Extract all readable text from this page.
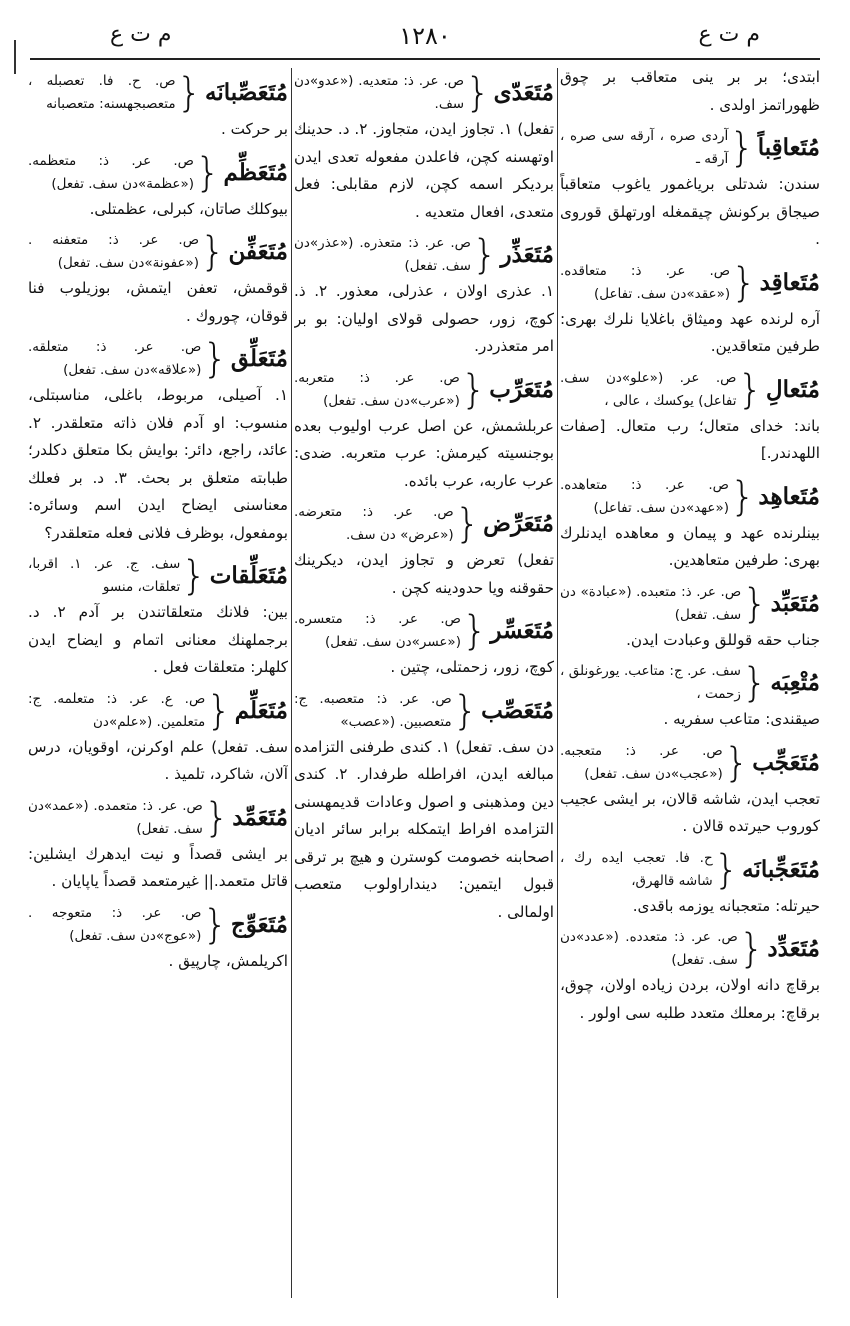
م ت ع	١٢٨٠	م ت ع

ابتدى؛ بر بر ينى متعاقب بر چوق ظهوراتمز اولدى .

مُتَعاقِباً
{
آردى صره ، آرقه سى صره ، آرقه ـ

سندن: شدتلى برياغمور ياغوب متعاقباً صيجاق بركونش چيقمغله اورتهلق قوروى .

مُتَعاقِد
{
ص. عر. ذ: متعاقده. («عقد»دن سف. تفاعل)

آره لرنده عهد وميثاق باغلايا نلرك بهرى: طرفين متعاقدين.

مُتَعالِ
{
ص. عر. («علو»دن سف. تفاعل) يوكسك ، عالى ،

باند: خداى متعال؛ رب متعال. [صفات اللهدندر.]

مُتَعاهِد
{
ص. عر. ذ: متعاهده. («عهد»دن سف. تفاعل)

بينلرنده عهد و پيمان و معاهده ايدنلرك بهرى: طرفين متعاهدين.

مُتَعَبِّد
{
ص. عر. ذ: متعبده. («عبادة» دن سف. تفعل)

جناب حقه قوللق وعبادت ايدن.

مُتْعِبَه
{
سف. عر. ج: متاعب. يورغونلق ، زحمت ،

صيقندى: متاعب سفريه .

مُتَعَجِّب
{
ص. عر. ذ: متعجبه. («عجب»دن سف. تفعل)

تعجب ايدن، شاشه قالان، بر ايشى عجيب كوروب حيرتده قالان .

مُتَعَجِّبانَه
{
ح. فا. تعجب ايده رك ، شاشه قالهرق،

حيرتله: متعجبانه يوزمه باقدى.

مُتَعَدِّد
{
ص. عر. ذ: متعدده. («عدد»دن سف. تفعل)

برقاچ دانه اولان، بردن زياده اولان، چوق، برقاچ: برمعلك متعدد طلبه سى اولور .

مُتَعَدّى
{
ص. عر. ذ: متعديه. («عدو»دن سف.

تفعل) ١. تجاوز ايدن، متجاوز. ٢. د. حدينك اوتهسنه كچن، فاعلدن مفعوله تعدى ايدن برديكر اسمه كچن، لازم مقابلى: فعل متعدى، افعال متعديه .

مُتَعَذِّر
{
ص. عر. ذ: متعذره. («عذر»دن سف. تفعل)

١. عذرى اولان ، عذرلى، معذور. ٢. ذ. كوچ، زور، حصولى قولاى اوليان: بو بر امر متعذردر.

مُتَعَرِّب
{
ص. عر. ذ: متعربه. («عرب»دن سف. تفعل)

عربلشمش، عن اصل عرب اوليوب بعده بوجنسيته كيرمش: عرب متعربه. ضدى: عرب عاربه، عرب بائده.

مُتَعَرِّض
{
ص. عر. ذ: متعرضه. («عرض» دن سف.

تفعل) تعرض و تجاوز ايدن، ديكرينك حقوقنه ويا حدودينه كچن .

مُتَعَسِّر
{
ص. عر. ذ: متعسره. («عسر»دن سف. تفعل)

كوچ، زور، زحمتلى، چتين .

مُتَعَصِّب
{
ص. عر. ذ: متعصبه. ج: متعصبين. («عصب»

دن سف. تفعل) ١. كندى طرفنى التزامده مبالغه ايدن، افراطله طرفدار. ٢. كندى دين ومذهبنى و اصول وعادات قديمهسنى التزامده افراط ايتمكله برابر سائر اديان اصحابنه خصومت كوسترن و هيچ بر ترقى قبول ايتمين: دينداراولوب متعصب اولمالى .

مُتَعَصِّبانَه
{
ص. ح. فا. تعصبله ، متعصبجهسنه: متعصبانه

بر حركت .

مُتَعَظِّم
{
ص. عر. ذ: متعظمه. («عظمة»دن سف. تفعل)

بيوكلك صاتان، كبرلى، عظمتلى.

مُتَعَفِّن
{
ص. عر. ذ: متعفنه . («عفونة»دن سف. تفعل)

قوقمش، تعفن ايتمش، بوزيلوب فنا قوقان، چوروك .

مُتَعَلِّق
{
ص. عر. ذ: متعلقه. («علاقه»دن سف. تفعل)

١. آصيلى، مربوط، باغلى، مناسبتلى، منسوب: او آدم فلان ذاته متعلقدر. ٢. عائد، راجع، دائر: بوايش بكا متعلق دكلدر؛ طبابته متعلق بر بحث. ٣. د. بر فعلك معناسنى ايضاح ايدن اسم وسائره: بومفعول، بوظرف فلانى فعله متعلقدر؟

مُتَعَلِّقات
{
سف. ج. عر. ١. اقربا، تعلقات، منسو

بين: فلانك متعلقاتندن بر آدم ٢. د. برجملهنك معنانى اتمام و ايضاح ايدن كلهلر: متعلقات فعل .

مُتَعَلِّم
{
ص. ع. عر. ذ: متعلمه. ج: متعلمين. («علم»دن

سف. تفعل) علم اوكرنن، اوقويان، درس آلان، شاكرد، تلميذ .

مُتَعَمِّد
{
ص. عر. ذ: متعمده. («عمد»دن سف. تفعل)

بر ايشى قصداً و نيت ايدهرك ايشلين: قاتل متعمد.|| غيرمتعمد قصداً ياپايان .

مُتَعَوِّج
{
ص. عر. ذ: متعوجه . («عوج»دن سف. تفعل)

اكريلمش، چارپيق .
